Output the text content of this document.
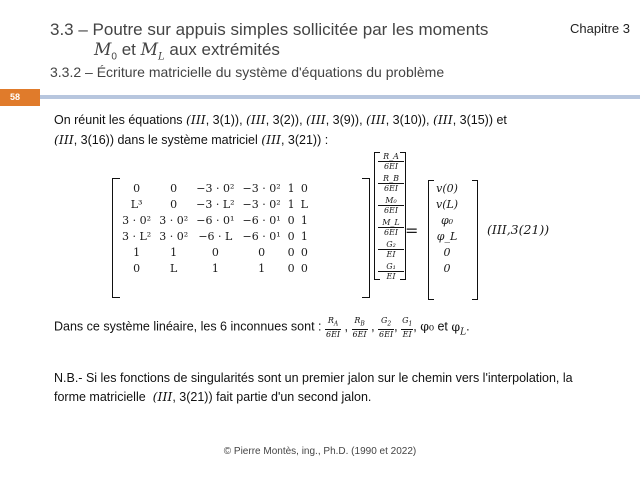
3.3 – Poutre sur appuis simples sollicitée par les moments
$M_0$ et $M_L$ aux extrémités
3.3.2 – Écriture matricielle du système d'équations du problème
Chapitre 3
58
On réunit les équations (III, 3(1)), (III, 3(2)), (III, 3(9)), (III, 3(10)), (III, 3(15)) et
(III, 3(16)) dans le système matriciel (III, 3(21)) :
0	0	−3 · 0²	−3 · 0²	1	0
L³	0	−3 · L²	−3 · 0²	1	L
3 · 0²	3 · 0²	−6 · 0¹	−6 · 0¹	0	1
3 · L²	3 · 0²	−6 · L	−6 · 0¹	0	1
1	1	0	0	0	0
0	L	1	1	0	0
R_A
6EI
R_B
6EI
M₀
6EI
M_L
6EI
G₂
EI
G₁
EI
v(0)
v(L)
φ₀
φ_L
0
0
=	(III,3(21))
Dans ce système linéaire, les 6 inconnues sont : $\frac{R_A}{6EI}$ , $\frac{R_B}{6EI}$ , $\frac{G_2}{6EI}$ , $\frac{G_1}{EI}$ , φ₀ et $\varphi_L$.
N.B.- Si les fonctions de singularités sont un premier jalon sur le chemin vers l'interpolation, la
forme matricielle  (III, 3(21)) fait partie d'un second jalon.
© Pierre Montès, ing., Ph.D. (1990 et 2022)
